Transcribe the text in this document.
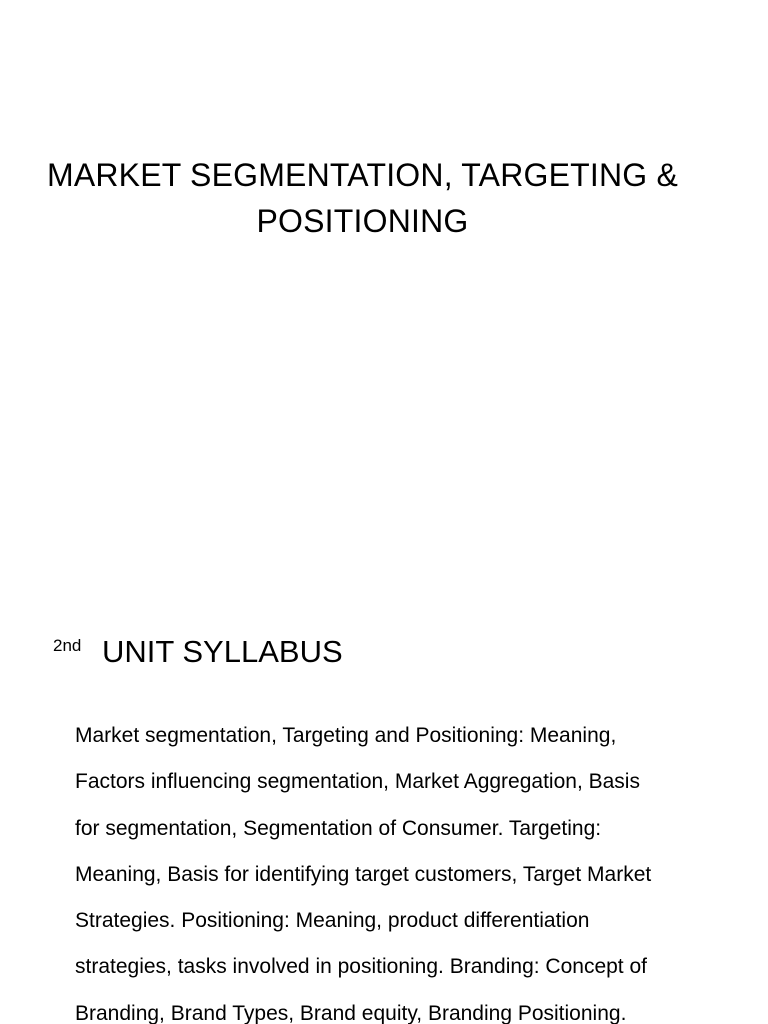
MARKET SEGMENTATION, TARGETING &
POSITIONING
2nd UNIT SYLLABUS
Market segmentation, Targeting and Positioning: Meaning,
Factors influencing segmentation, Market Aggregation, Basis
for segmentation, Segmentation of Consumer. Targeting:
Meaning, Basis for identifying target customers, Target Market
Strategies. Positioning: Meaning, product differentiation
strategies, tasks involved in positioning. Branding: Concept of
Branding, Brand Types, Brand equity, Branding Positioning.
